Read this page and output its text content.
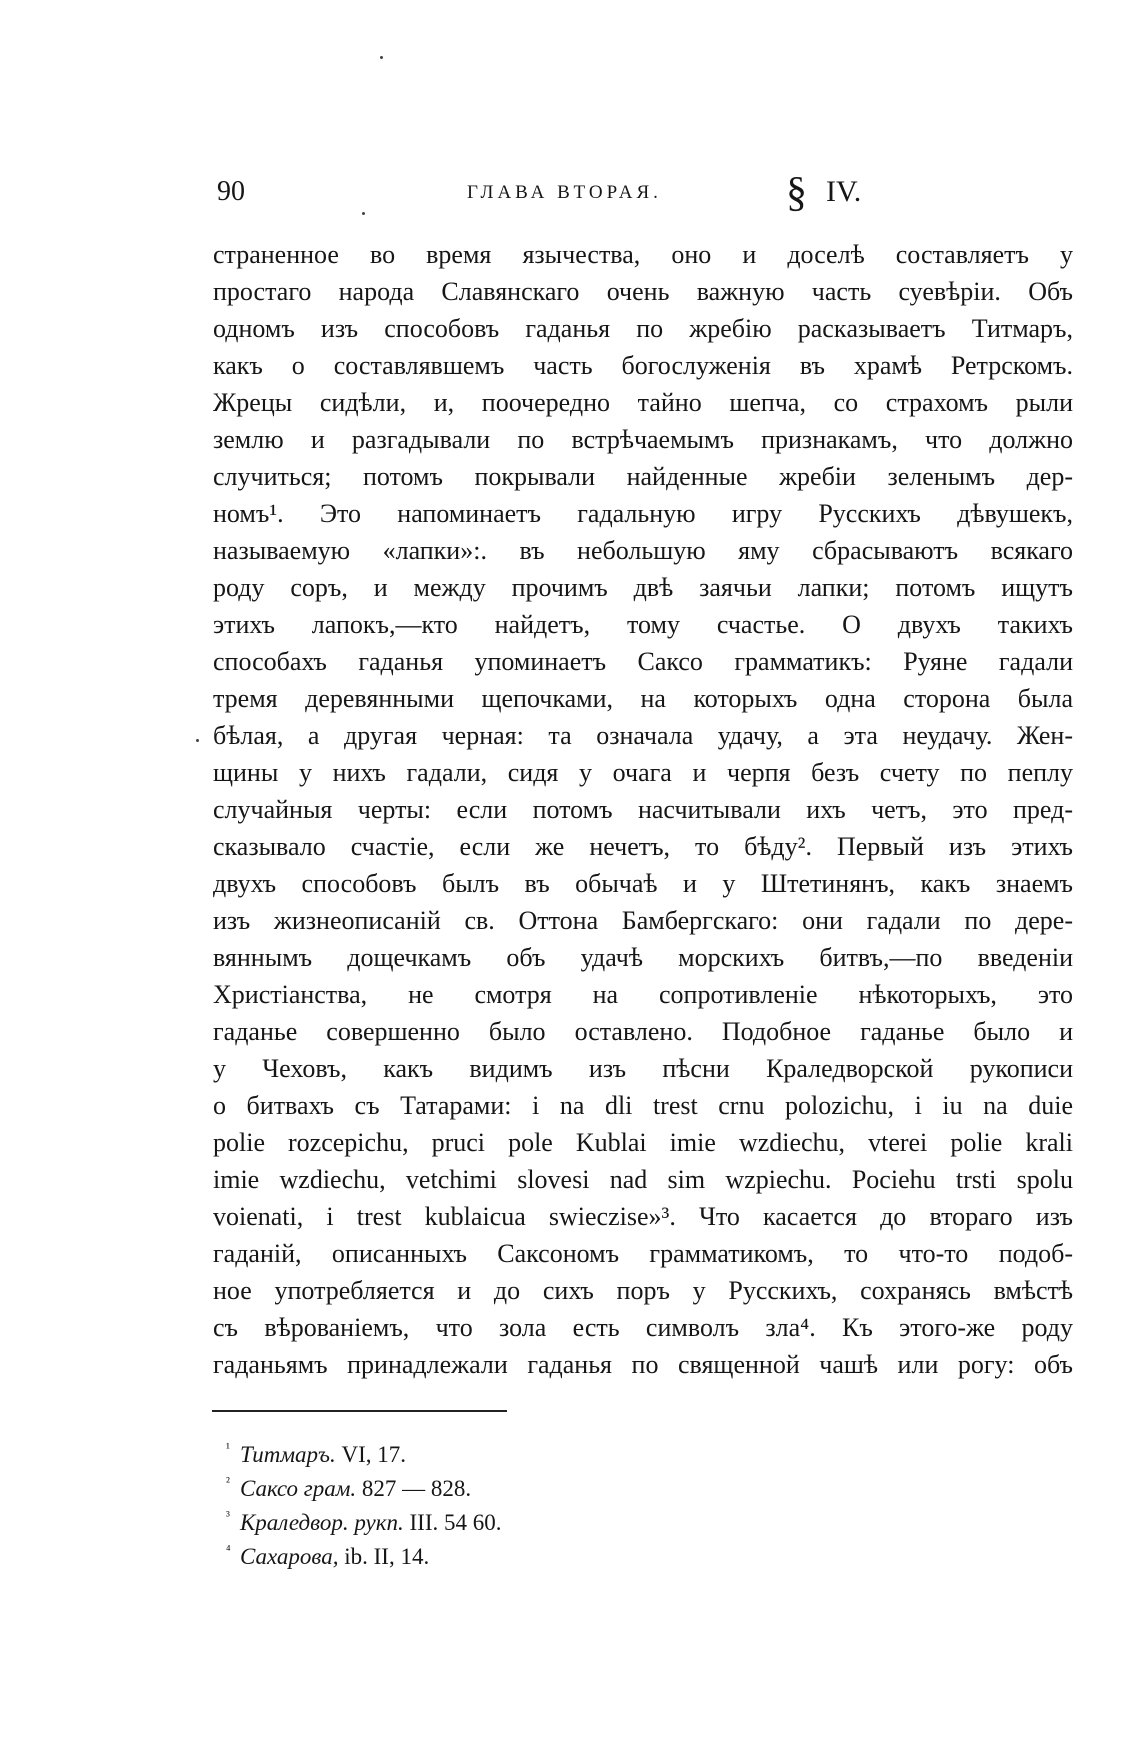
90	ГЛАВА ВТОРАЯ.	§ IV.
страненное во время язычества, оно и доселѣ составляетъ у
простаго народа Славянскаго очень важную часть суевѣріи. Объ
одномъ изъ способовъ гаданья по жребію раскaзываетъ Титмаръ,
какъ о составлявшемъ часть богослуженія въ храмѣ Ретрскомъ.
Жрецы сидѣли, и, поочередно тайно шепча, со страхомъ рыли
землю и разгадывали по встрѣчаемымъ признакамъ, что должно
случиться; потомъ покрывали найденные жребіи зеленымъ дер-
номъ¹. Это напоминаетъ гадальную игру Русскихъ дѣвушекъ,
называемую «лапки»:. въ небольшую яму сбрасываютъ всякаго
роду соръ, и между прочимъ двѣ заячьи лапки; потомъ ищутъ
этихъ лапокъ,—кто найдетъ, тому счастье. О двухъ такихъ
способахъ гаданья упоминаетъ Саксо грамматикъ: Руяне гадали
тремя деревянными щепочками, на которыхъ одна сторона была
бѣлая, а другая черная: та означала удачу, а эта неудачу. Жен-
щины у нихъ гадали, сидя у очага и черпя безъ счету по пеплу
случайныя черты: если потомъ насчитывали ихъ четъ, это пред-
сказывало счастіе, если же нечетъ, то бѣду². Первый изъ этихъ
двухъ способовъ былъ въ обычаѣ и у Штетинянъ, какъ знаемъ
изъ жизнеописаній св. Оттона Бамбергскаго: они гадали по дере-
вяннымъ дощечкамъ объ удачѣ морскихъ битвъ,—по введеніи
Христіанства, не смотря на сопротивленіе нѣкоторыхъ, это
гаданье совершенно было оставлено. Подобное гаданье было и
у Чеховъ, какъ видимъ изъ пѣсни Краледворской рукописи
о битвахъ съ Татарами: i na dli trest crnu polozichu, i iu na duie
polie rozcepichu, pruci pole Kublai imie wzdiechu, vterei polie krali
imie wzdiechu, vetchimi slovesi nad sim wzpiechu. Pociehu trsti spolu
voienati, i trest kublaicua swieczise»³. Что касается до втораго изъ
гаданій, описанныхъ Саксономъ грамматикомъ, то что-то подоб-
ное употребляется и до сихъ поръ у Русскихъ, сохранясь вмѣстѣ
съ вѣрованіемъ, что зола есть символъ зла⁴. Къ этого-же роду
гаданьямъ принадлежали гаданья по священной чашѣ или рогу: объ
¹ Титмаръ. VI, 17.
² Саксо грам. 827 — 828.
³ Краледвор. рукп. III. 54 60.
⁴ Сахарова, ib. II, 14.
